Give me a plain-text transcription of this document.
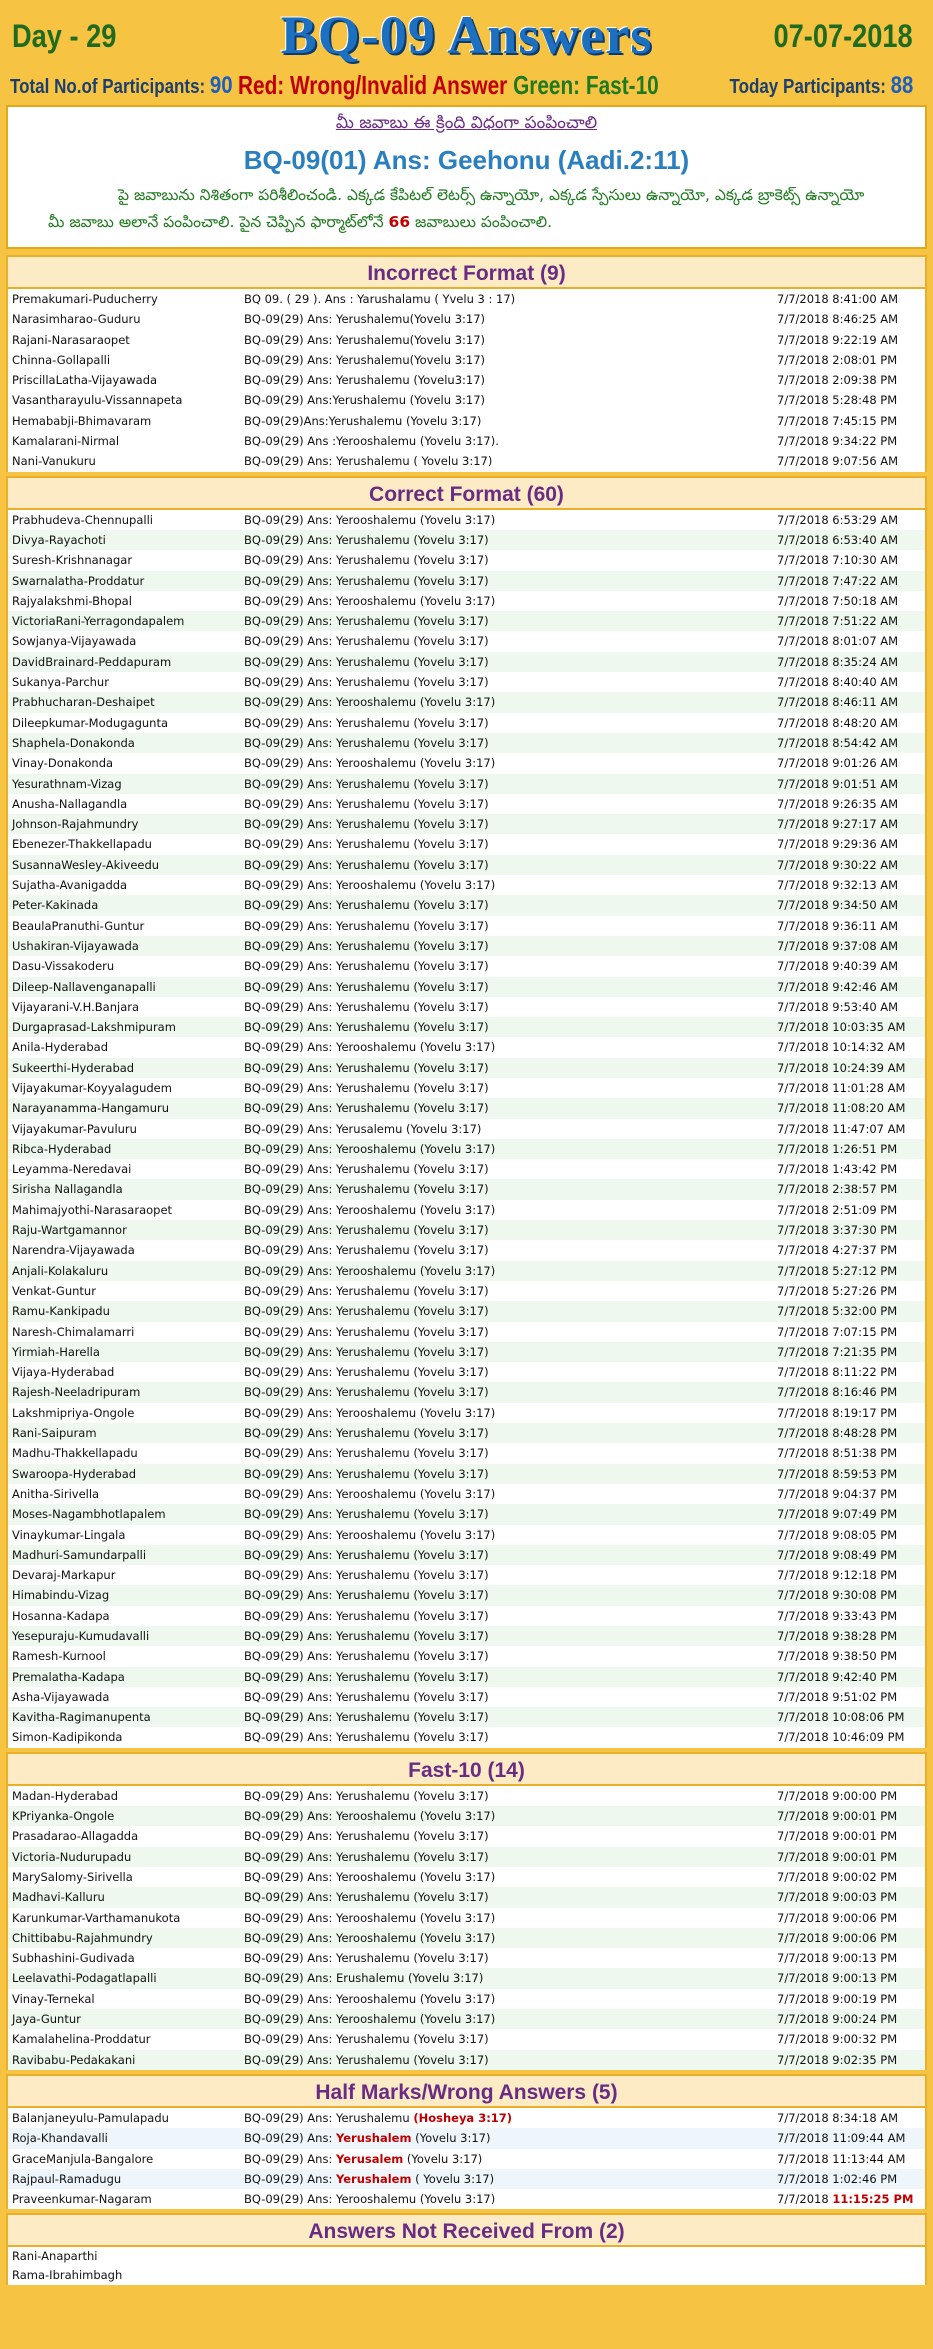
Day - 29	BQ-09 Answers	07-07-2018
Total No.of Participants: 90 Red: Wrong/Invalid Answer Green: Fast-10	Today Participants: 88
మీ జవాబు ఈ క్రింది విధంగా పంపించాలి
BQ-09(01) Ans: Geehonu (Aadi.2:11)
పై జవాబును నిశితంగా పరిశీలించండి. ఎక్కడ కేపిటల్ లెటర్స్ ఉన్నాయో, ఎక్కడ స్పేసులు ఉన్నాయో, ఎక్కడ బ్రాకెట్స్ ఉన్నాయో మీ జవాబు అలానే పంపించాలి. పైన చెప్పిన ఫార్మాట్‌లోనే 66 జవాబులు పంపించాలి.
Incorrect Format (9)
Premakumari-Puducherry	BQ 09. ( 29 ). Ans : Yarushalamu ( Yvelu 3 : 17)	7/7/2018 8:41:00 AM
Narasimharao-Guduru	BQ-09(29) Ans: Yerushalemu(Yovelu 3:17)	7/7/2018 8:46:25 AM
Rajani-Narasaraopet	BQ-09(29) Ans: Yerushalemu(Yovelu 3:17)	7/7/2018 9:22:19 AM
Chinna-Gollapalli	BQ-09(29) Ans: Yerushalemu(Yovelu 3:17)	7/7/2018 2:08:01 PM
PriscillaLatha-Vijayawada	BQ-09(29) Ans: Yerushalemu (Yovelu3:17)	7/7/2018 2:09:38 PM
Vasantharayulu-Vissannapeta	BQ-09(29) Ans:Yerushalemu (Yovelu 3:17)	7/7/2018 5:28:48 PM
Hemababji-Bhimavaram	BQ-09(29)Ans:Yerushalemu (Yovelu 3:17)	7/7/2018 7:45:15 PM
Kamalarani-Nirmal	BQ-09(29) Ans :Yerooshalemu (Yovelu 3:17).	7/7/2018 9:34:22 PM
Nani-Vanukuru	BQ-09(29) Ans: Yerushalemu ( Yovelu 3:17)	7/7/2018 9:07:56 AM
Correct Format (60)
Prabhudeva-Chennupalli	BQ-09(29) Ans: Yerooshalemu (Yovelu 3:17)	7/7/2018 6:53:29 AM
Divya-Rayachoti	BQ-09(29) Ans: Yerushalemu (Yovelu 3:17)	7/7/2018 6:53:40 AM
Suresh-Krishnanagar	BQ-09(29) Ans: Yerushalemu (Yovelu 3:17)	7/7/2018 7:10:30 AM
Swarnalatha-Proddatur	BQ-09(29) Ans: Yerushalemu (Yovelu 3:17)	7/7/2018 7:47:22 AM
Rajyalakshmi-Bhopal	BQ-09(29) Ans: Yerooshalemu (Yovelu 3:17)	7/7/2018 7:50:18 AM
VictoriaRani-Yerragondapalem	BQ-09(29) Ans: Yerushalemu (Yovelu 3:17)	7/7/2018 7:51:22 AM
Sowjanya-Vijayawada	BQ-09(29) Ans: Yerushalemu (Yovelu 3:17)	7/7/2018 8:01:07 AM
DavidBrainard-Peddapuram	BQ-09(29) Ans: Yerushalemu (Yovelu 3:17)	7/7/2018 8:35:24 AM
Sukanya-Parchur	BQ-09(29) Ans: Yerushalemu (Yovelu 3:17)	7/7/2018 8:40:40 AM
Prabhucharan-Deshaipet	BQ-09(29) Ans: Yerooshalemu (Yovelu 3:17)	7/7/2018 8:46:11 AM
Dileepkumar-Modugagunta	BQ-09(29) Ans: Yerushalemu (Yovelu 3:17)	7/7/2018 8:48:20 AM
Shaphela-Donakonda	BQ-09(29) Ans: Yerushalemu (Yovelu 3:17)	7/7/2018 8:54:42 AM
Vinay-Donakonda	BQ-09(29) Ans: Yerooshalemu (Yovelu 3:17)	7/7/2018 9:01:26 AM
Yesurathnam-Vizag	BQ-09(29) Ans: Yerushalemu (Yovelu 3:17)	7/7/2018 9:01:51 AM
Anusha-Nallagandla	BQ-09(29) Ans: Yerushalemu (Yovelu 3:17)	7/7/2018 9:26:35 AM
Johnson-Rajahmundry	BQ-09(29) Ans: Yerushalemu (Yovelu 3:17)	7/7/2018 9:27:17 AM
Ebenezer-Thakkellapadu	BQ-09(29) Ans: Yerushalemu (Yovelu 3:17)	7/7/2018 9:29:36 AM
SusannaWesley-Akiveedu	BQ-09(29) Ans: Yerushalemu (Yovelu 3:17)	7/7/2018 9:30:22 AM
Sujatha-Avanigadda	BQ-09(29) Ans: Yerooshalemu (Yovelu 3:17)	7/7/2018 9:32:13 AM
Peter-Kakinada	BQ-09(29) Ans: Yerushalemu (Yovelu 3:17)	7/7/2018 9:34:50 AM
BeaulaPranuthi-Guntur	BQ-09(29) Ans: Yerushalemu (Yovelu 3:17)	7/7/2018 9:36:11 AM
Ushakiran-Vijayawada	BQ-09(29) Ans: Yerushalemu (Yovelu 3:17)	7/7/2018 9:37:08 AM
Dasu-Vissakoderu	BQ-09(29) Ans: Yerushalemu (Yovelu 3:17)	7/7/2018 9:40:39 AM
Dileep-Nallavenganapalli	BQ-09(29) Ans: Yerushalemu (Yovelu 3:17)	7/7/2018 9:42:46 AM
Vijayarani-V.H.Banjara	BQ-09(29) Ans: Yerushalemu (Yovelu 3:17)	7/7/2018 9:53:40 AM
Durgaprasad-Lakshmipuram	BQ-09(29) Ans: Yerushalemu (Yovelu 3:17)	7/7/2018 10:03:35 AM
Anila-Hyderabad	BQ-09(29) Ans: Yerooshalemu (Yovelu 3:17)	7/7/2018 10:14:32 AM
Sukeerthi-Hyderabad	BQ-09(29) Ans: Yerushalemu (Yovelu 3:17)	7/7/2018 10:24:39 AM
Vijayakumar-Koyyalagudem	BQ-09(29) Ans: Yerushalemu (Yovelu 3:17)	7/7/2018 11:01:28 AM
Narayanamma-Hangamuru	BQ-09(29) Ans: Yerushalemu (Yovelu 3:17)	7/7/2018 11:08:20 AM
Vijayakumar-Pavuluru	BQ-09(29) Ans: Yerusalemu (Yovelu 3:17)	7/7/2018 11:47:07 AM
Ribca-Hyderabad	BQ-09(29) Ans: Yerooshalemu (Yovelu 3:17)	7/7/2018 1:26:51 PM
Leyamma-Neredavai	BQ-09(29) Ans: Yerushalemu (Yovelu 3:17)	7/7/2018 1:43:42 PM
Sirisha Nallagandla	BQ-09(29) Ans: Yerushalemu (Yovelu 3:17)	7/7/2018 2:38:57 PM
Mahimajyothi-Narasaraopet	BQ-09(29) Ans: Yerooshalemu (Yovelu 3:17)	7/7/2018 2:51:09 PM
Raju-Wartgamannor	BQ-09(29) Ans: Yerushalemu (Yovelu 3:17)	7/7/2018 3:37:30 PM
Narendra-Vijayawada	BQ-09(29) Ans: Yerushalemu (Yovelu 3:17)	7/7/2018 4:27:37 PM
Anjali-Kolakaluru	BQ-09(29) Ans: Yerooshalemu (Yovelu 3:17)	7/7/2018 5:27:12 PM
Venkat-Guntur	BQ-09(29) Ans: Yerushalemu (Yovelu 3:17)	7/7/2018 5:27:26 PM
Ramu-Kankipadu	BQ-09(29) Ans: Yerushalemu (Yovelu 3:17)	7/7/2018 5:32:00 PM
Naresh-Chimalamarri	BQ-09(29) Ans: Yerushalemu (Yovelu 3:17)	7/7/2018 7:07:15 PM
Yirmiah-Harella	BQ-09(29) Ans: Yerushalemu (Yovelu 3:17)	7/7/2018 7:21:35 PM
Vijaya-Hyderabad	BQ-09(29) Ans: Yerushalemu (Yovelu 3:17)	7/7/2018 8:11:22 PM
Rajesh-Neeladripuram	BQ-09(29) Ans: Yerushalemu (Yovelu 3:17)	7/7/2018 8:16:46 PM
Lakshmipriya-Ongole	BQ-09(29) Ans: Yerooshalemu (Yovelu 3:17)	7/7/2018 8:19:17 PM
Rani-Saipuram	BQ-09(29) Ans: Yerushalemu (Yovelu 3:17)	7/7/2018 8:48:28 PM
Madhu-Thakkellapadu	BQ-09(29) Ans: Yerushalemu (Yovelu 3:17)	7/7/2018 8:51:38 PM
Swaroopa-Hyderabad	BQ-09(29) Ans: Yerushalemu (Yovelu 3:17)	7/7/2018 8:59:53 PM
Anitha-Sirivella	BQ-09(29) Ans: Yerooshalemu (Yovelu 3:17)	7/7/2018 9:04:37 PM
Moses-Nagambhotlapalem	BQ-09(29) Ans: Yerushalemu (Yovelu 3:17)	7/7/2018 9:07:49 PM
Vinaykumar-Lingala	BQ-09(29) Ans: Yerooshalemu (Yovelu 3:17)	7/7/2018 9:08:05 PM
Madhuri-Samundarpalli	BQ-09(29) Ans: Yerushalemu (Yovelu 3:17)	7/7/2018 9:08:49 PM
Devaraj-Markapur	BQ-09(29) Ans: Yerushalemu (Yovelu 3:17)	7/7/2018 9:12:18 PM
Himabindu-Vizag	BQ-09(29) Ans: Yerushalemu (Yovelu 3:17)	7/7/2018 9:30:08 PM
Hosanna-Kadapa	BQ-09(29) Ans: Yerushalemu (Yovelu 3:17)	7/7/2018 9:33:43 PM
Yesepuraju-Kumudavalli	BQ-09(29) Ans: Yerushalemu (Yovelu 3:17)	7/7/2018 9:38:28 PM
Ramesh-Kurnool	BQ-09(29) Ans: Yerushalemu (Yovelu 3:17)	7/7/2018 9:38:50 PM
Premalatha-Kadapa	BQ-09(29) Ans: Yerushalemu (Yovelu 3:17)	7/7/2018 9:42:40 PM
Asha-Vijayawada	BQ-09(29) Ans: Yerushalemu (Yovelu 3:17)	7/7/2018 9:51:02 PM
Kavitha-Ragimanupenta	BQ-09(29) Ans: Yerushalemu (Yovelu 3:17)	7/7/2018 10:08:06 PM
Simon-Kadipikonda	BQ-09(29) Ans: Yerushalemu (Yovelu 3:17)	7/7/2018 10:46:09 PM
Fast-10 (14)
Madan-Hyderabad	BQ-09(29) Ans: Yerushalemu (Yovelu 3:17)	7/7/2018 9:00:00 PM
KPriyanka-Ongole	BQ-09(29) Ans: Yerooshalemu (Yovelu 3:17)	7/7/2018 9:00:01 PM
Prasadarao-Allagadda	BQ-09(29) Ans: Yerushalemu (Yovelu 3:17)	7/7/2018 9:00:01 PM
Victoria-Nudurupadu	BQ-09(29) Ans: Yerushalemu (Yovelu 3:17)	7/7/2018 9:00:01 PM
MarySalomy-Sirivella	BQ-09(29) Ans: Yerooshalemu (Yovelu 3:17)	7/7/2018 9:00:02 PM
Madhavi-Kalluru	BQ-09(29) Ans: Yerushalemu (Yovelu 3:17)	7/7/2018 9:00:03 PM
Karunkumar-Varthamanukota	BQ-09(29) Ans: Yerooshalemu (Yovelu 3:17)	7/7/2018 9:00:06 PM
Chittibabu-Rajahmundry	BQ-09(29) Ans: Yerooshalemu (Yovelu 3:17)	7/7/2018 9:00:06 PM
Subhashini-Gudivada	BQ-09(29) Ans: Yerushalemu (Yovelu 3:17)	7/7/2018 9:00:13 PM
Leelavathi-Podagatlapalli	BQ-09(29) Ans: Erushalemu (Yovelu 3:17)	7/7/2018 9:00:13 PM
Vinay-Ternekal	BQ-09(29) Ans: Yerooshalemu (Yovelu 3:17)	7/7/2018 9:00:19 PM
Jaya-Guntur	BQ-09(29) Ans: Yerooshalemu (Yovelu 3:17)	7/7/2018 9:00:24 PM
Kamalahelina-Proddatur	BQ-09(29) Ans: Yerushalemu (Yovelu 3:17)	7/7/2018 9:00:32 PM
Ravibabu-Pedakakani	BQ-09(29) Ans: Yerushalemu (Yovelu 3:17)	7/7/2018 9:02:35 PM
Half Marks/Wrong Answers (5)
Balanjaneyulu-Pamulapadu	BQ-09(29) Ans: Yerushalemu (Hosheya 3:17)	7/7/2018 8:34:18 AM
Roja-Khandavalli	BQ-09(29) Ans: Yerushalem (Yovelu 3:17)	7/7/2018 11:09:44 AM
GraceManjula-Bangalore	BQ-09(29) Ans: Yerusalem (Yovelu 3:17)	7/7/2018 11:13:44 AM
Rajpaul-Ramadugu	BQ-09(29) Ans: Yerushalem ( Yovelu 3:17)	7/7/2018 1:02:46 PM
Praveenkumar-Nagaram	BQ-09(29) Ans: Yerooshalemu (Yovelu 3:17)	7/7/2018 11:15:25 PM
Answers Not Received From (2)
Rani-Anaparthi
Rama-Ibrahimbagh
